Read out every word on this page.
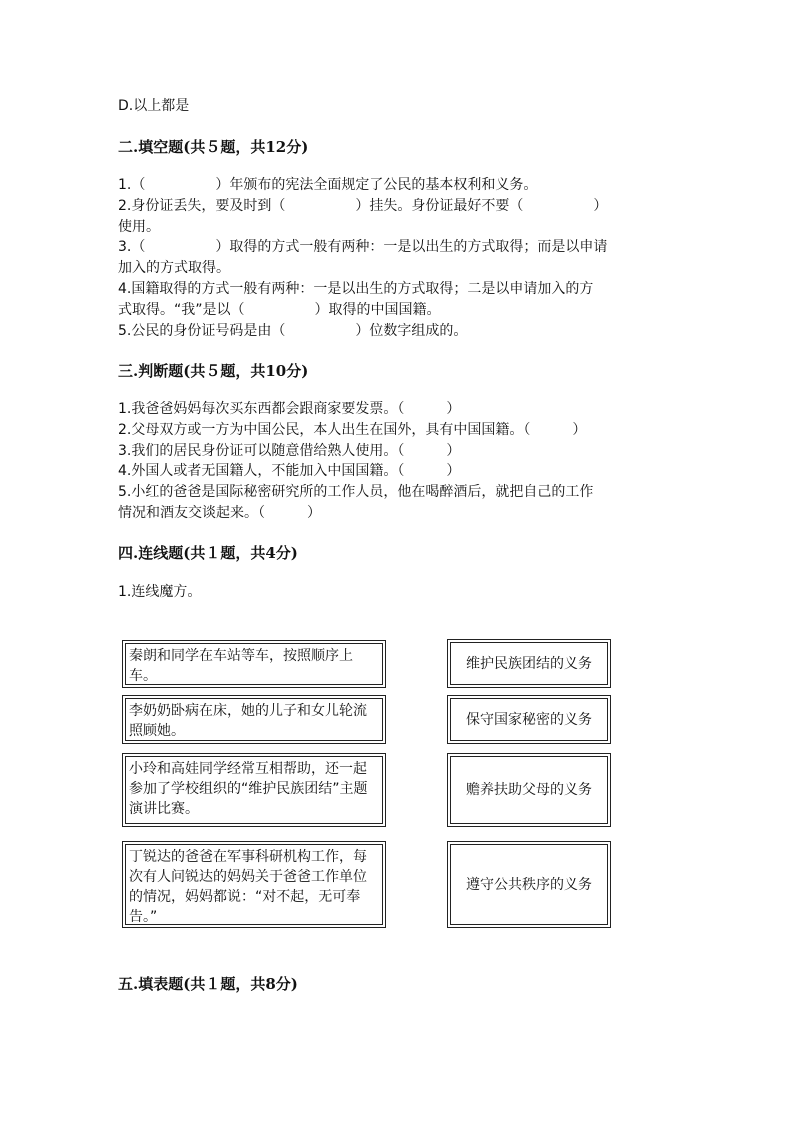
D.以上都是
二.填空题(共５题，共12分)
1.（　　　　　）年颁布的宪法全面规定了公民的基本权利和义务。
2.身份证丢失，要及时到（　　　　　）挂失。身份证最好不要（　　　　　）
使用。
3.（　　　　　）取得的方式一般有两种：一是以出生的方式取得；而是以申请
加入的方式取得。
4.国籍取得的方式一般有两种：一是以出生的方式取得；二是以申请加入的方
式取得。“我”是以（　　　　　）取得的中国国籍。
5.公民的身份证号码是由（　　　　　）位数字组成的。
三.判断题(共５题，共10分)
1.我爸爸妈妈每次买东西都会跟商家要发票。（　　　）
2.父母双方或一方为中国公民，本人出生在国外，具有中国国籍。（　　　）
3.我们的居民身份证可以随意借给熟人使用。（　　　）
4.外国人或者无国籍人，不能加入中国国籍。（　　　）
5.小红的爸爸是国际秘密研究所的工作人员，他在喝醉酒后，就把自己的工作
情况和酒友交谈起来。（　　　）
四.连线题(共１题，共4分)
1.连线魔方。
秦朗和同学在车站等车，按照顺序上车。
李奶奶卧病在床，她的儿子和女儿轮流照顾她。
小玲和高娃同学经常互相帮助，还一起参加了学校组织的“维护民族团结”主题演讲比赛。
丁锐达的爸爸在军事科研机构工作，每次有人问锐达的妈妈关于爸爸工作单位的情况，妈妈都说：“对不起，无可奉告。”
维护民族团结的义务
保守国家秘密的义务
赡养扶助父母的义务
遵守公共秩序的义务
五.填表题(共１题，共8分)
